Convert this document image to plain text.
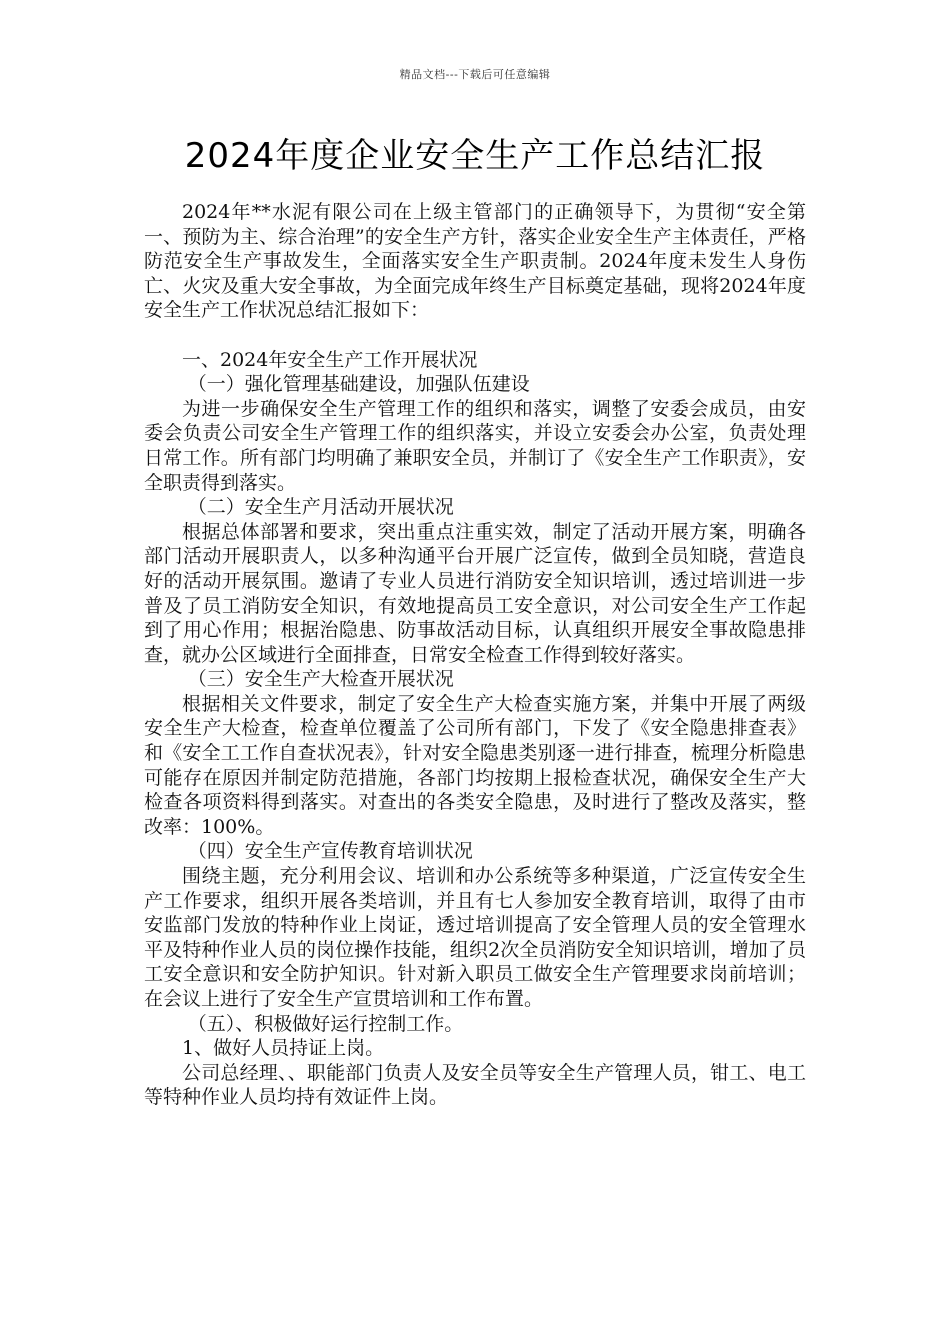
精品文档---下载后可任意编辑
2024年度企业安全生产工作总结汇报

2024年**水泥有限公司在上级主管部门的正确领导下，为贯彻“安全第一、预防为主、综合治理”的安全生产方针，落实企业安全生产主体责任，严格防范安全生产事故发生，全面落实安全生产职责制。2024年度未发生人身伤亡、火灾及重大安全事故，为全面完成年终生产目标奠定基础，现将2024年度安全生产工作状况总结汇报如下：

一、2024年安全生产工作开展状况

（一）强化管理基础建设，加强队伍建设

为进一步确保安全生产管理工作的组织和落实，调整了安委会成员，由安委会负责公司安全生产管理工作的组织落实，并设立安委会办公室，负责处理日常工作。所有部门均明确了兼职安全员，并制订了《安全生产工作职责》，安全职责得到落实。

（二）安全生产月活动开展状况

根据总体部署和要求，突出重点注重实效，制定了活动开展方案，明确各部门活动开展职责人，以多种沟通平台开展广泛宣传，做到全员知晓，营造良好的活动开展氛围。邀请了专业人员进行消防安全知识培训，透过培训进一步普及了员工消防安全知识，有效地提高员工安全意识，对公司安全生产工作起到了用心作用；根据治隐患、防事故活动目标，认真组织开展安全事故隐患排查，就办公区域进行全面排查，日常安全检查工作得到较好落实。

（三）安全生产大检查开展状况

根据相关文件要求，制定了安全生产大检查实施方案，并集中开展了两级安全生产大检查，检查单位覆盖了公司所有部门，下发了《安全隐患排查表》和《安全工工作自查状况表》，针对安全隐患类别逐一进行排查，梳理分析隐患可能存在原因并制定防范措施，各部门均按期上报检查状况，确保安全生产大检查各项资料得到落实。对查出的各类安全隐患，及时进行了整改及落实，整改率：100%。

（四）安全生产宣传教育培训状况

围绕主题，充分利用会议、培训和办公系统等多种渠道，广泛宣传安全生产工作要求，组织开展各类培训，并且有七人参加安全教育培训，取得了由市安监部门发放的特种作业上岗证，透过培训提高了安全管理人员的安全管理水平及特种作业人员的岗位操作技能，组织2次全员消防安全知识培训，增加了员工安全意识和安全防护知识。针对新入职员工做安全生产管理要求岗前培训；在会议上进行了安全生产宣贯培训和工作布置。

（五）、积极做好运行控制工作。

1、做好人员持证上岗。

公司总经理、、职能部门负责人及安全员等安全生产管理人员，钳工、电工等特种作业人员均持有效证件上岗。
